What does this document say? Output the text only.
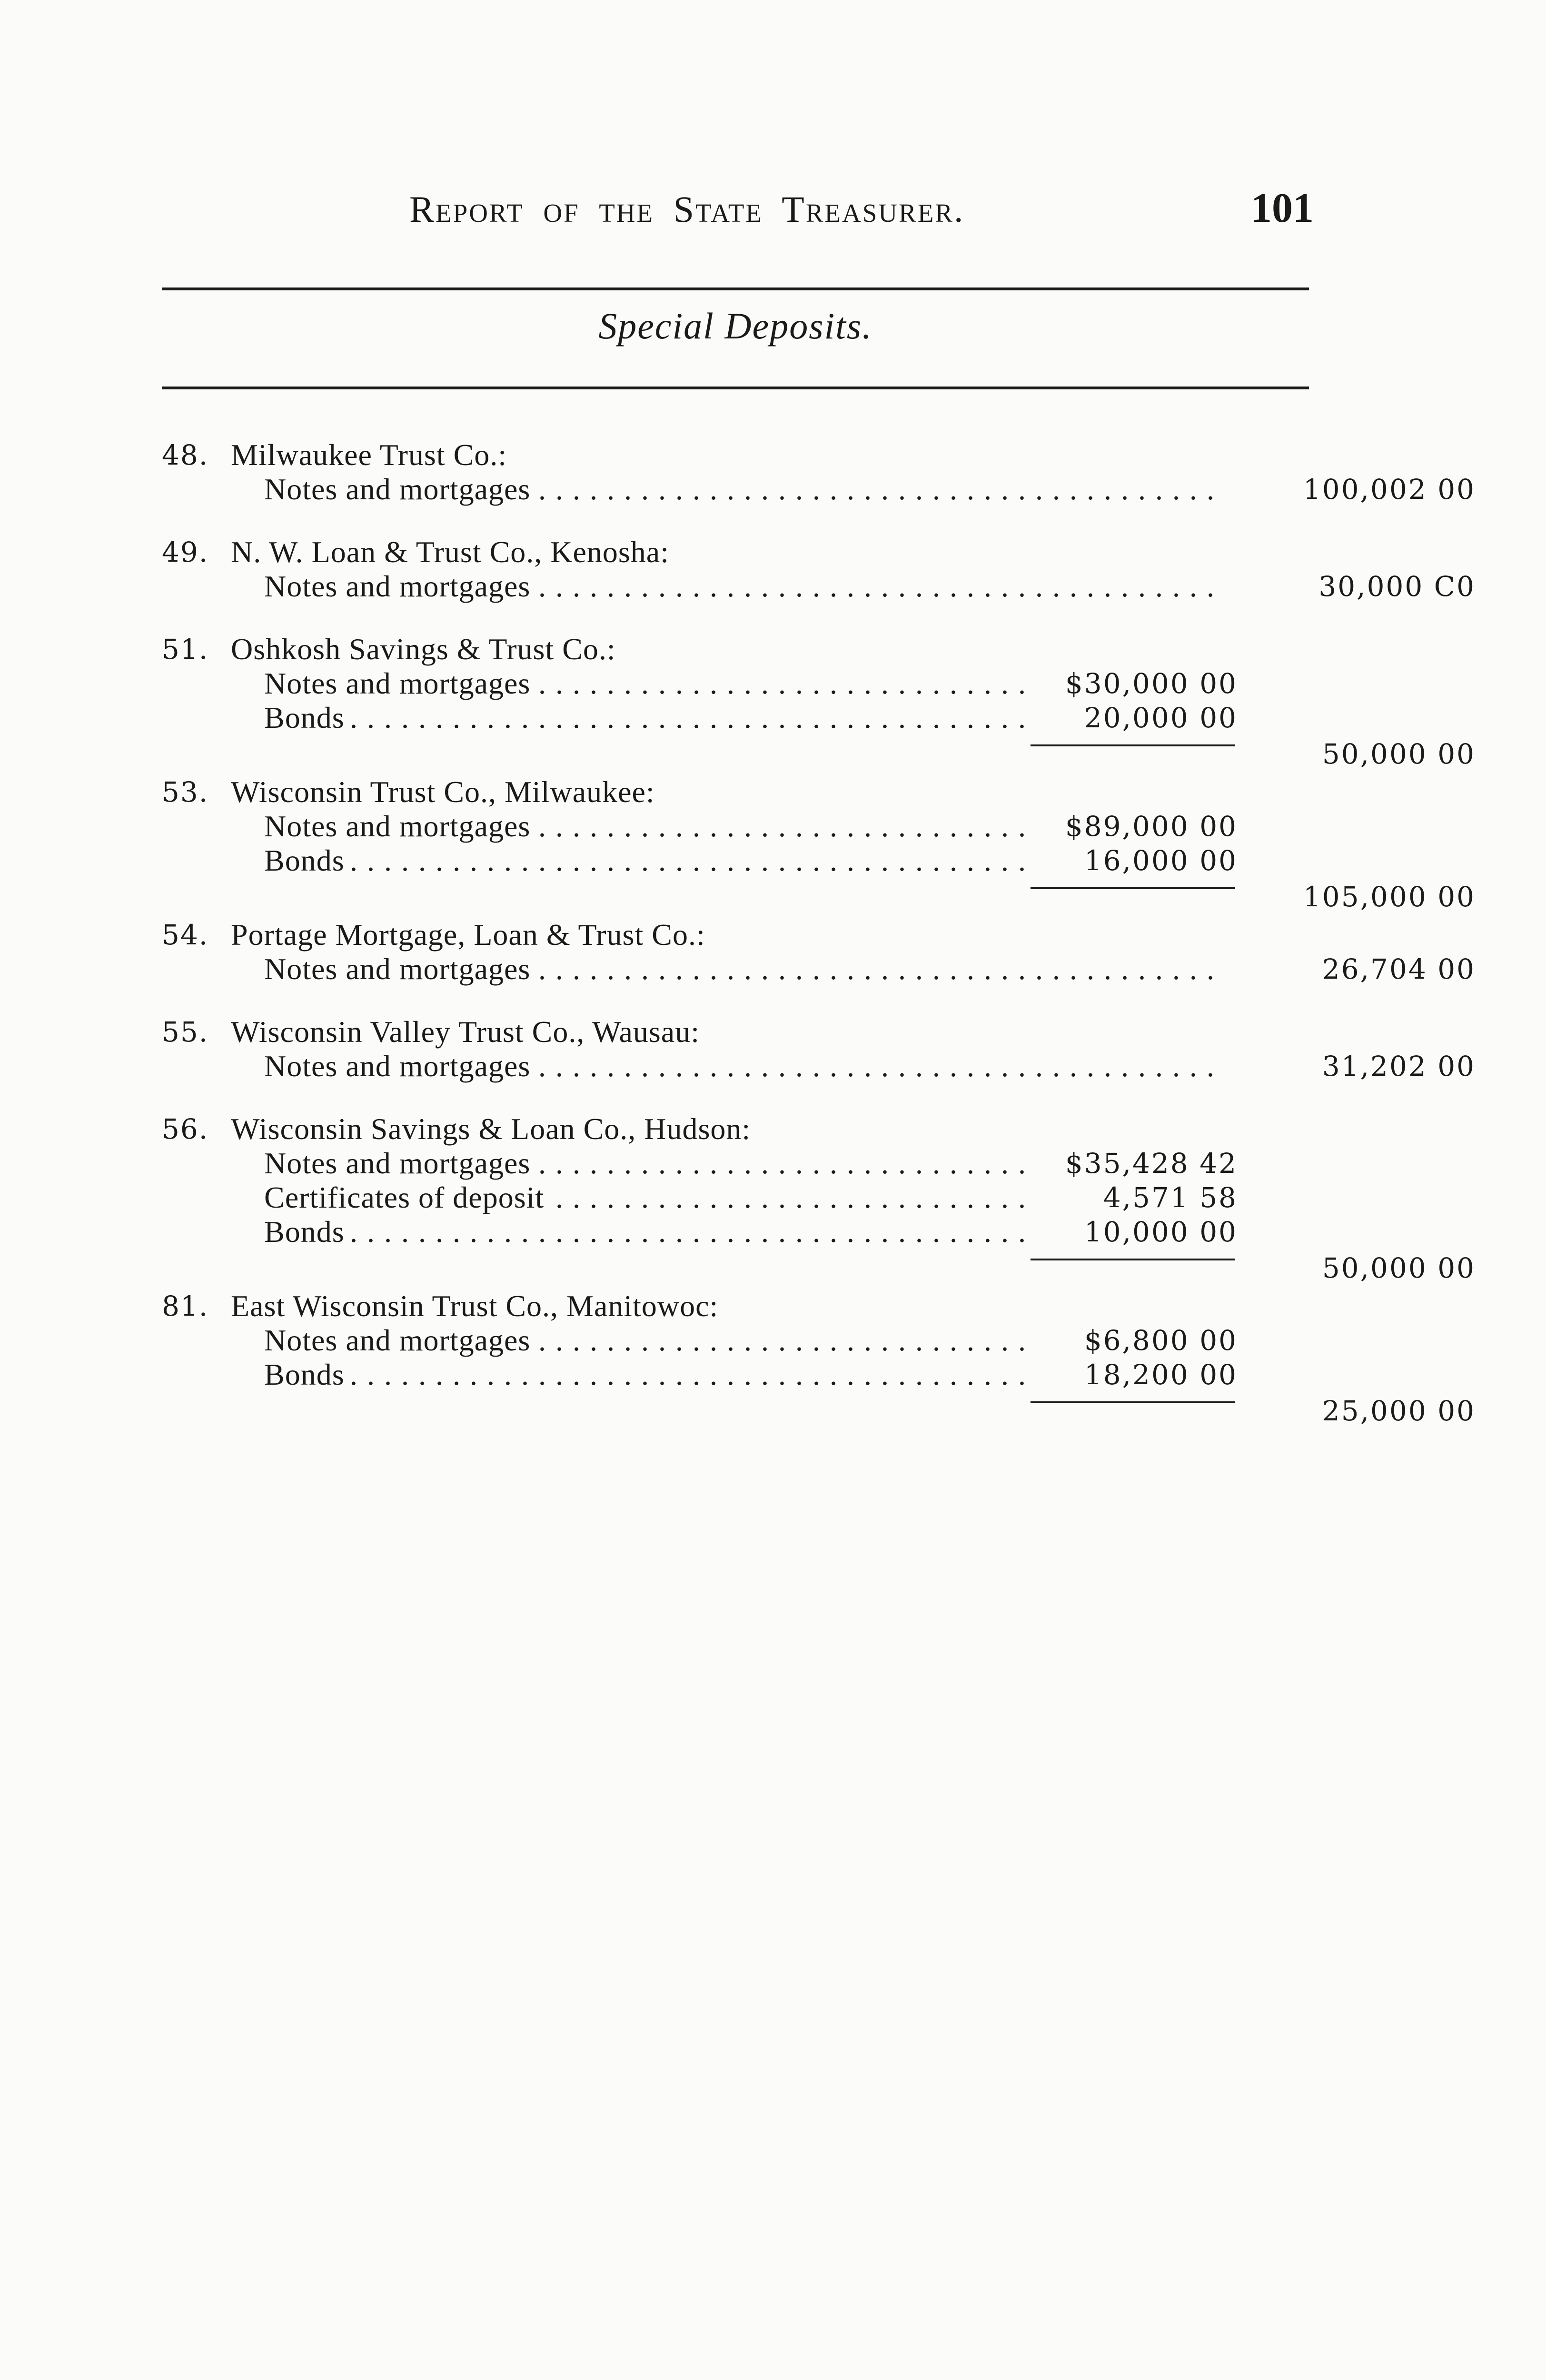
Report of the State Treasurer.	101
Special Deposits.
48. Milwaukee Trust Co.:
Notes and mortgages . . .	100,002 00
49. N. W. Loan & Trust Co., Kenosha:
Notes and mortgages . . .	30,000 C0
51. Oshkosh Savings & Trust Co.:
Notes and mortgages . . .	$30,000 00
Bonds . . .	20,000 00
50,000 00
53. Wisconsin Trust Co., Milwaukee:
Notes and mortgages . . .	$89,000 00
Bonds . . .	16,000 00
105,000 00
54. Portage Mortgage, Loan & Trust Co.:
Notes and mortgages . . .	26,704 00
55. Wisconsin Valley Trust Co., Wausau:
Notes and mortgages . . .	31,202 00
56. Wisconsin Savings & Loan Co., Hudson:
Notes and mortgages . . .	$35,428 42
Certificates of deposit . . .	4,571 58
Bonds . . .	10,000 00
50,000 00
81. East Wisconsin Trust Co., Manitowoc:
Notes and mortgages . . .	$6,800 00
Bonds . . .	18,200 00
25,000 00
